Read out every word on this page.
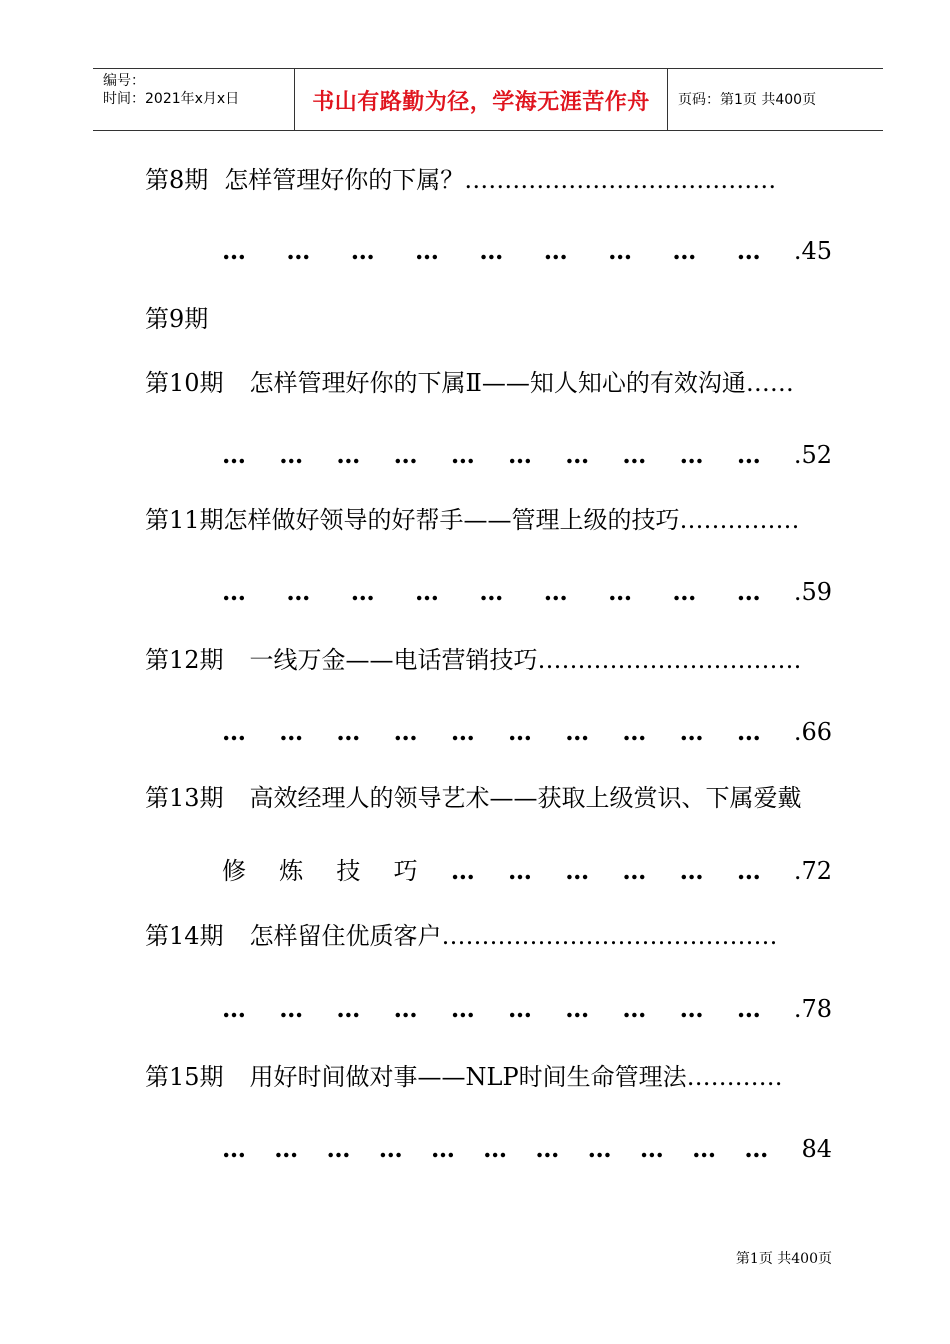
编号：
时间：2021年x月x日	书山有路勤为径，学海无涯苦作舟	页码：第1页 共400页
第8期 怎样管理好你的下属？ …………………………………
… … … … … … … … … .45
第9期
第10期 怎样管理好你的下属Ⅱ——知人知心的有效沟通……
… … … … … … … … … … .52
第11期 怎样做好领导的好帮手——管理上级的技巧……………
… … … … … … … … … .59
第12期 一线万金——电话营销技巧……………………………
… … … … … … … … … … .66
第13期 高效经理人的领导艺术——获取上级赏识、下属爱戴
修 炼 技 巧 … … … … … … .72
第14期 怎样留住优质客户……………………………………
… … … … … … … … … … .78
第15期 用好时间做对事——NLP时间生命管理法…………
… … … … … … … … … … … 84
第1页 共400页
